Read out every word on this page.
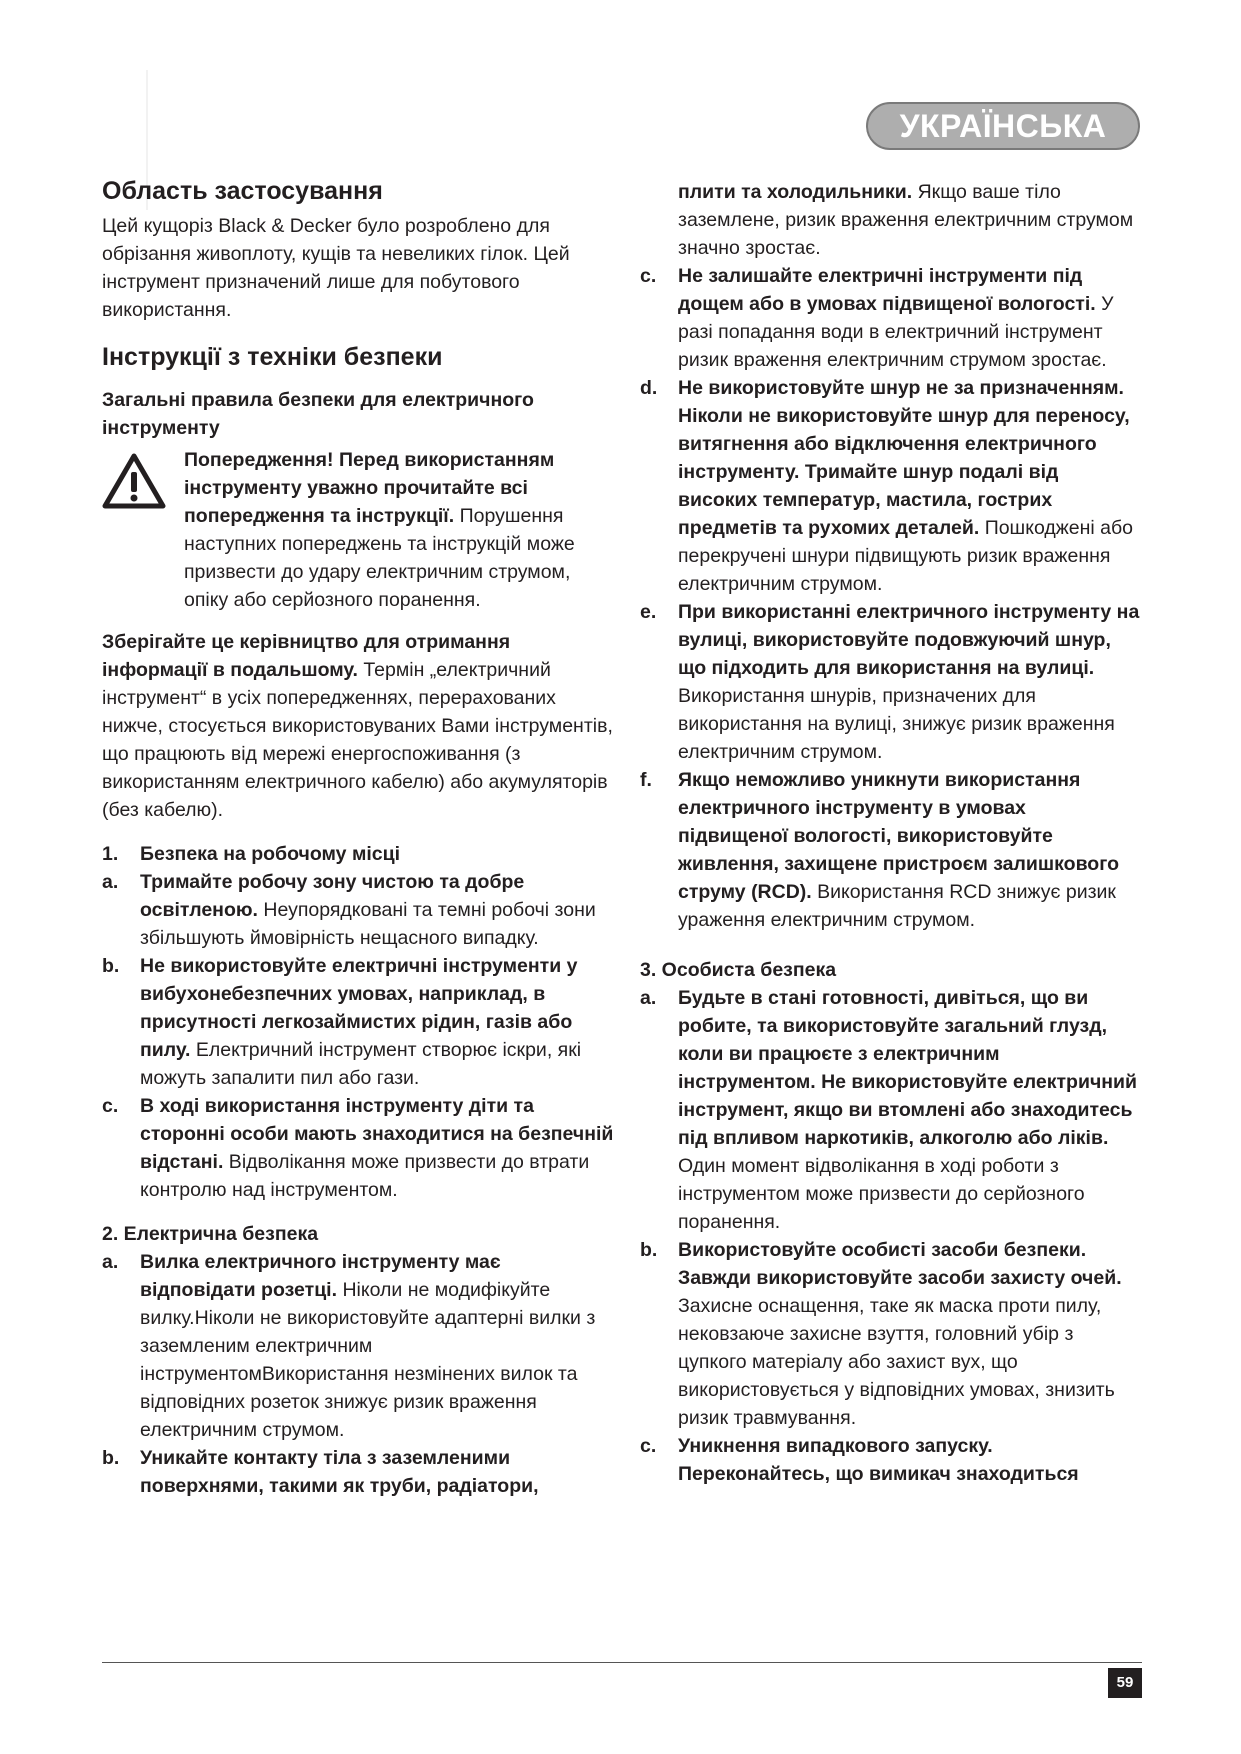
УКРАЇНСЬКА
Область застосування

Цей кущоріз Black & Decker було розроблено для обрізання живоплоту, кущів та невеликих гілок. Цей інструмент призначений лише для побутового використання.

Інструкції з техніки безпеки
Загальні правила безпеки для електричного інструменту
Попередження! Перед використанням інструменту уважно прочитайте всі попередження та інструкції. Порушення наступних попереджень та інструкцій може призвести до удару електричним струмом, опіку або серйозного поранення.

Зберігайте це керівництво для отримання інформації в подальшому. Термін „електричний інструмент“ в усіх попередженнях, перерахованих нижче, стосується використовуваних Вами інструментів, що працюють від мережі енергоспоживання (з використанням електричного кабелю) або акумуляторів (без кабелю).

1.	Безпека на робочому місці
a.	Тримайте робочу зону чистою та добре освітленою. Неупорядковані та темні робочі зони збільшують ймовірність нещасного випадку.
b.	Не використовуйте електричні інструменти у вибухонебезпечних умовах, наприклад, в присутності легкозаймистих рідин, газів або пилу. Електричний інструмент створює іскри, які можуть запалити пил або гази.
c.	В ході використання інструменту діти та сторонні особи мають знаходитися на безпечній відстані. Відволікання може призвести до втрати контролю над інструментом.
2. Електрична безпека
a.	Вилка електричного інструменту має відповідати розетці. Ніколи не модифікуйте вилку.Ніколи не використовуйте адаптерні вилки з заземленим електричним інструментомВикористання незмінених вилок та відповідних розеток знижує ризик враження електричним струмом.
b.	Уникайте контакту тіла з заземленими поверхнями, такими як труби, радіатори,
плити та холодильники. Якщо ваше тіло заземлене, ризик враження електричним струмом значно зростає.
c.	Не залишайте електричні інструменти під дощем або в умовах підвищеної вологості. У разі попадання води в електричний інструмент ризик враження електричним струмом зростає.
d.	Не використовуйте шнур не за призначенням. Ніколи не використовуйте шнур для переносу, витягнення або відключення електричного інструменту. Тримайте шнур подалі від високих температур, мастила, гострих предметів та рухомих деталей. Пошкоджені або перекручені шнури підвищують ризик враження електричним струмом.
e.	При використанні електричного інструменту на вулиці, використовуйте подовжуючий шнур, що підходить для використання на вулиці. Використання шнурів, призначених для використання на вулиці, знижує ризик враження електричним струмом.
f.	Якщо неможливо уникнути використання електричного інструменту в умовах підвищеної вологості, використовуйте живлення, захищене пристроєм залишкового струму (RCD). Використання RCD знижує ризик ураження електричним струмом.
3. Особиста безпека
a.	Будьте в стані готовності, дивіться, що ви робите, та використовуйте загальний глузд, коли ви працюєте з електричним інструментом. Не використовуйте електричний інструмент, якщо ви втомлені або знаходитесь під впливом наркотиків, алкоголю або ліків. Один момент відволікання в ході роботи з інструментом може призвести до серйозного поранення.
b.	Використовуйте особисті засоби безпеки. Завжди використовуйте засоби захисту очей. Захисне оснащення, таке як маска проти пилу, нековзаюче захисне взуття, головний убір з цупкого матеріалу або захист вух, що використовується у відповідних умовах, знизить ризик травмування.
c.	Уникнення випадкового запуску. Переконайтесь, що вимикач знаходиться
59
